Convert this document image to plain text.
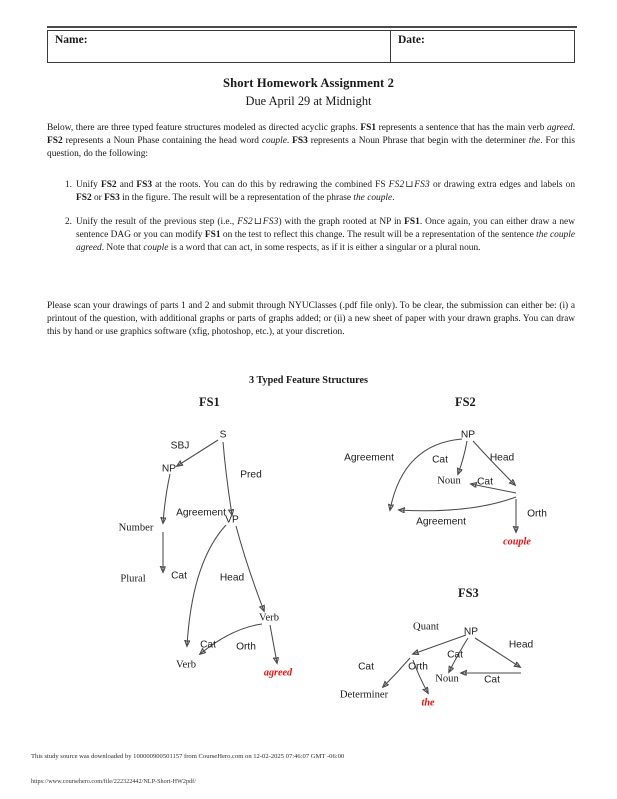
Name:	Date:
Short Homework Assignment 2
Due April 29 at Midnight
Below, there are three typed feature structures modeled as directed acyclic graphs. FS1 represents a sentence that has the main verb agreed. FS2 represents a Noun Phase containing the head word couple. FS3 represents a Noun Phrase that begin with the determiner the. For this question, do the following:
1. Unify FS2 and FS3 at the roots. You can do this by redrawing the combined FS FS2⊔FS3 or drawing extra edges and labels on FS2 or FS3 in the figure. The result will be a representation of the phrase the couple.
2. Unify the result of the previous step (i.e., FS2⊔FS3) with the graph rooted at NP in FS1. Once again, you can either draw a new sentence DAG or you can modify FS1 on the test to reflect this change. The result will be a representation of the sentence the couple agreed. Note that couple is a word that can act, in some respects, as if it is either a singular or a plural noun.
Please scan your drawings of parts 1 and 2 and submit through NYUClasses (.pdf file only). To be clear, the submission can either be: (i) a printout of the question, with additional graphs or parts of graphs added; or (ii) a new sheet of paper with your drawn graphs. You can draw this by hand or use graphics software (xfig, photoshop, etc.), at your discretion.
3 Typed Feature Structures
FS1
S
NP
Number
Plural
VP
Verb
Verb
agreed
SBJ
Pred
Agreement
Cat	Head
Cat Orth
FS2
NP
Noun
couple
Agreement	Cat	Head
Cat
Agreement
Orth
FS3
NP
Noun
Determiner
the
Quant
Cat
Head
Cat	Orth
Cat
This study source was downloaded by 100000900501157 from CourseHero.com on 12-02-2025 07:46:07 GMT -06:00
https://www.coursehero.com/file/222322442/NLP-Short-HW2pdf/
